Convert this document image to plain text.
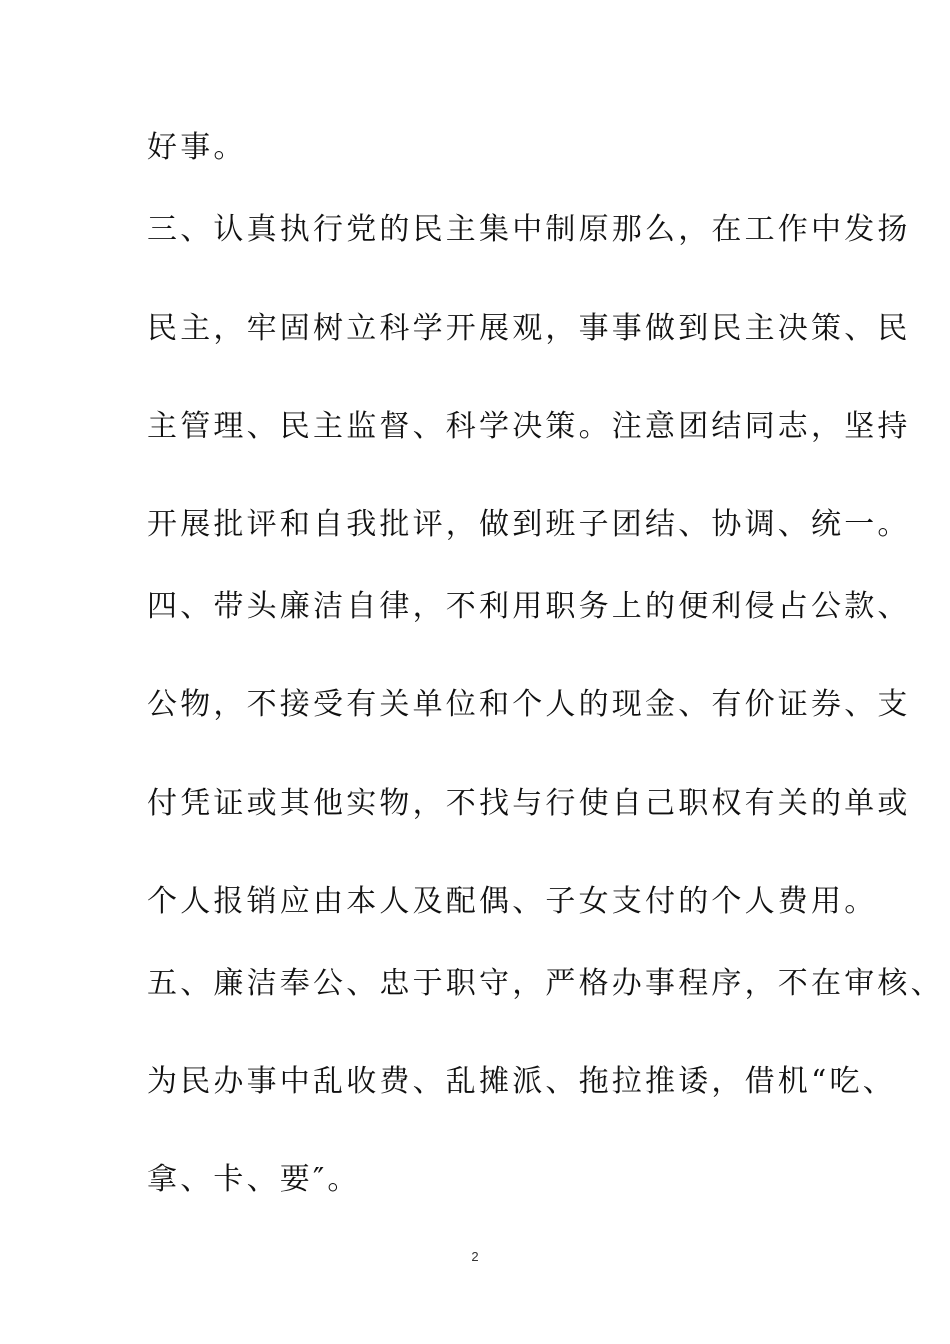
好事。
三、认真执行党的民主集中制原那么，在工作中发扬
民主，牢固树立科学开展观，事事做到民主决策、民
主管理、民主监督、科学决策。注意团结同志，坚持
开展批评和自我批评，做到班子团结、协调、统一。
四、带头廉洁自律，不利用职务上的便利侵占公款、
公物，不接受有关单位和个人的现金、有价证券、支
付凭证或其他实物，不找与行使自己职权有关的单或
个人报销应由本人及配偶、子女支付的个人费用。
五、廉洁奉公、忠于职守，严格办事程序，不在审核、
为民办事中乱收费、乱摊派、拖拉推诿，借机“吃、
拿、卡、要″。
2
